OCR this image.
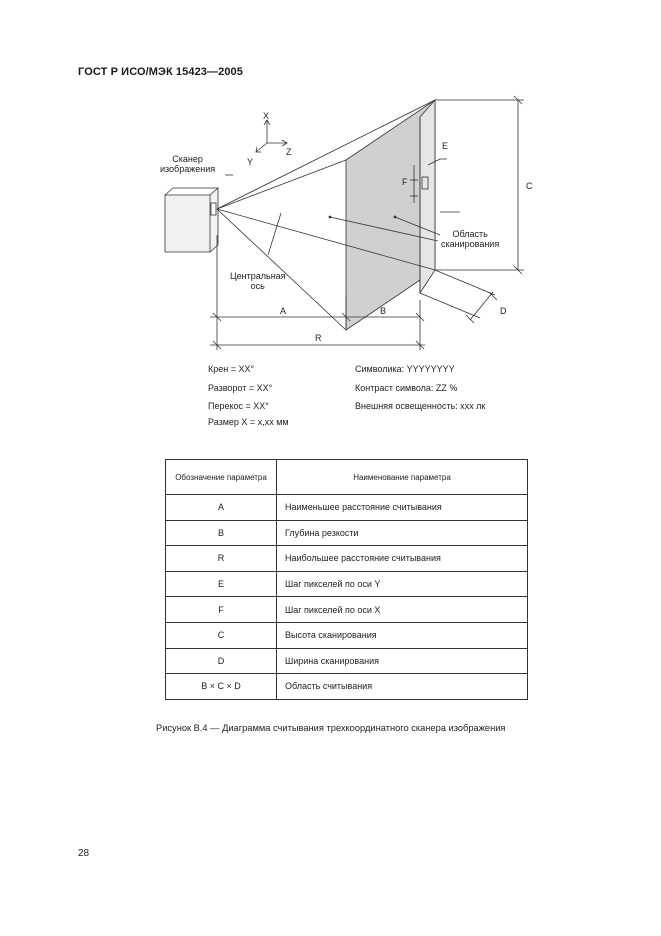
ГОСТ Р ИСО/МЭК 15423—2005
Сканер
изображения
X
Z
Y
Центральная
ось
Область
сканирования
A	B
R
C
D
E
F
Крен = XX°
Разворот = XX°
Перекос = XX°
Размер X = x,xx мм
Символика: YYYYYYYY
Контраст символа: ZZ %
Внешняя освещенность: xxx лк
Обозначение параметра	Наименование параметра
A	Наименьшее расстояние считывания
B	Глубина резкости
R	Наибольшее расстояние считывания
E	Шаг пикселей по оси Y
F	Шаг пикселей по оси X
C	Высота сканирования
D	Ширина сканирования
B × C × D	Область считывания
Рисунок В.4 — Диаграмма считывания трехкоординатного сканера изображения
28
